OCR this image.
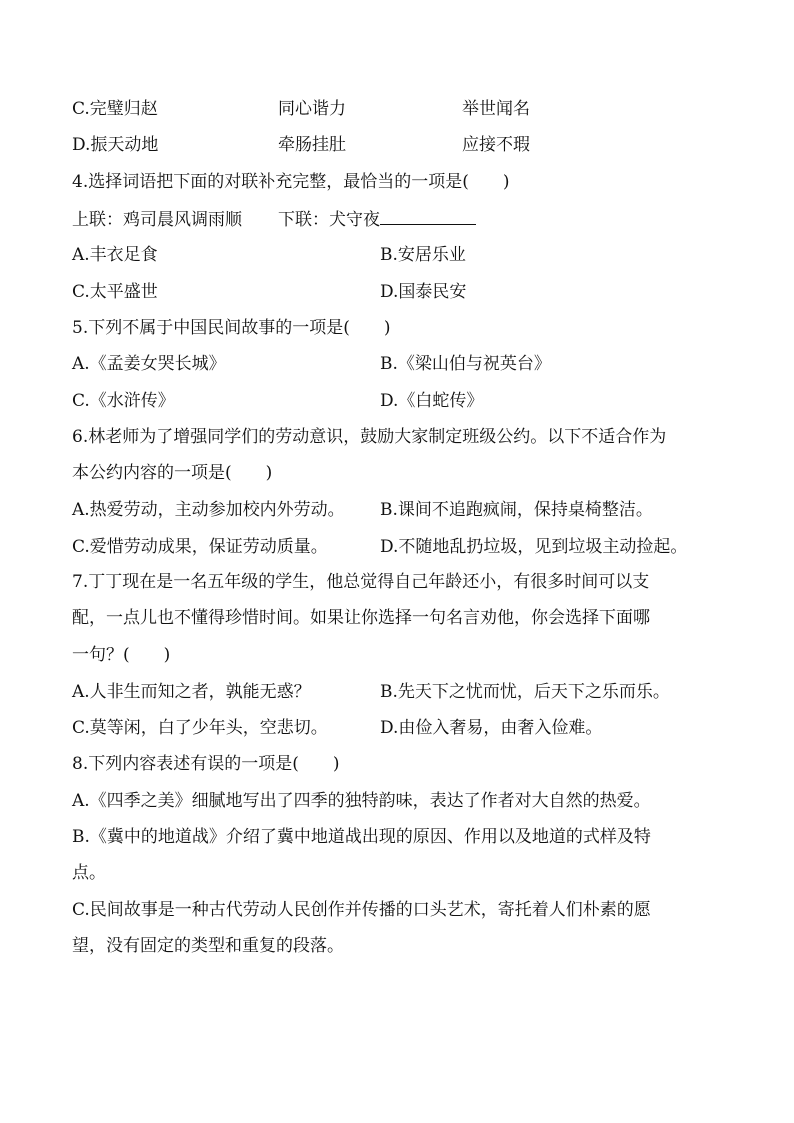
C.完璧归赵	同心谐力	举世闻名
D.振天动地	牵肠挂肚	应接不瑕
4.选择词语把下面的对联补充完整，最恰当的一项是(　　)
上联：鸡司晨风调雨顺 下联：犬守夜
A.丰衣足食	B.安居乐业
C.太平盛世	D.国泰民安
5.下列不属于中国民间故事的一项是(　　)
A.《孟姜女哭长城》	B.《梁山伯与祝英台》
C.《水浒传》	D.《白蛇传》
6.林老师为了增强同学们的劳动意识，鼓励大家制定班级公约。以下不适合作为
本公约内容的一项是(　　)
A.热爱劳动，主动参加校内外劳动。 B.课间不追跑疯闹，保持桌椅整洁。
C.爱惜劳动成果，保证劳动质量。	D.不随地乱扔垃圾，见到垃圾主动捡起。
7.丁丁现在是一名五年级的学生，他总觉得自己年龄还小，有很多时间可以支
配，一点儿也不懂得珍惜时间。如果让你选择一句名言劝他，你会选择下面哪
一句？(　　)
A.人非生而知之者，孰能无惑？	B.先天下之忧而忧，后天下之乐而乐。
C.莫等闲，白了少年头，空悲切。	D.由俭入奢易，由奢入俭难。
8.下列内容表述有误的一项是(　　)
A.《四季之美》细腻地写出了四季的独特韵味，表达了作者对大自然的热爱。
B.《冀中的地道战》介绍了冀中地道战出现的原因、作用以及地道的式样及特
点。
C.民间故事是一种古代劳动人民创作并传播的口头艺术，寄托着人们朴素的愿
望，没有固定的类型和重复的段落。
